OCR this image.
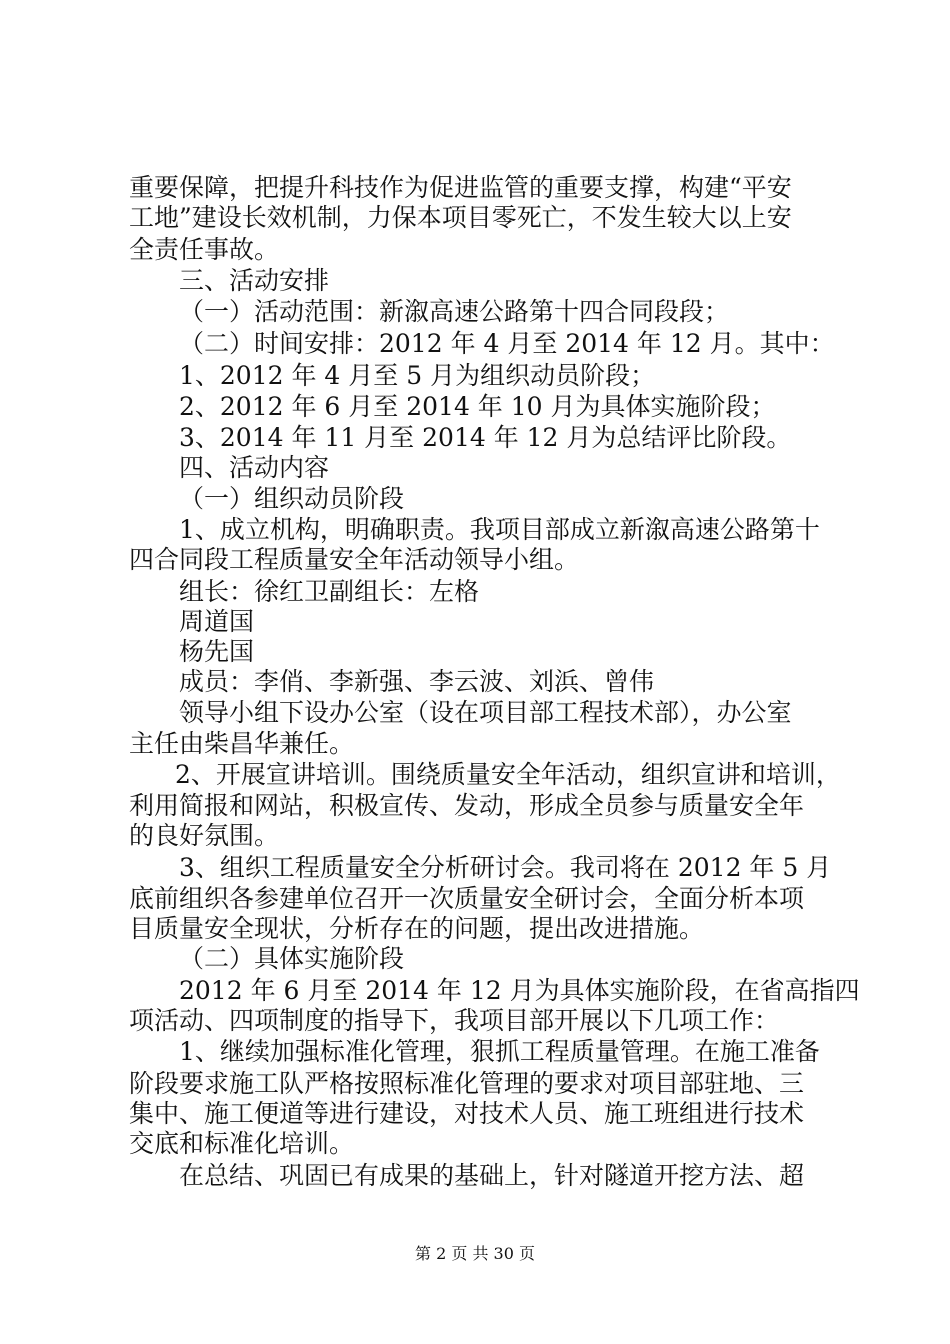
重要保障，把提升科技作为促进监管的重要支撑，构建“平安
工地”建设长效机制，力保本项目零死亡，不发生较大以上安
全责任事故。
三、活动安排
（一）活动范围：新溆高速公路第十四合同段段；
（二）时间安排：2012 年 4 月至 2014 年 12 月。其中：
1、2012 年 4 月至 5 月为组织动员阶段；
2、2012 年 6 月至 2014 年 10 月为具体实施阶段；
3、2014 年 11 月至 2014 年 12 月为总结评比阶段。
四、活动内容
（一）组织动员阶段
1、成立机构，明确职责。我项目部成立新溆高速公路第十
四合同段工程质量安全年活动领导小组。
组长：徐红卫副组长：左格
周道国
杨先国
成员：李俏、李新强、李云波、刘浜、曾伟
领导小组下设办公室（设在项目部工程技术部），办公室
主任由柴昌华兼任。
2、开展宣讲培训。围绕质量安全年活动，组织宣讲和培训，
利用简报和网站，积极宣传、发动，形成全员参与质量安全年
的良好氛围。
3、组织工程质量安全分析研讨会。我司将在 2012 年 5 月
底前组织各参建单位召开一次质量安全研讨会，全面分析本项
目质量安全现状，分析存在的问题，提出改进措施。
（二）具体实施阶段
2012 年 6 月至 2014 年 12 月为具体实施阶段，在省高指四
项活动、四项制度的指导下，我项目部开展以下几项工作：
1、继续加强标准化管理，狠抓工程质量管理。在施工准备
阶段要求施工队严格按照标准化管理的要求对项目部驻地、三
集中、施工便道等进行建设，对技术人员、施工班组进行技术
交底和标准化培训。
在总结、巩固已有成果的基础上，针对隧道开挖方法、超
第 2 页 共 30 页
